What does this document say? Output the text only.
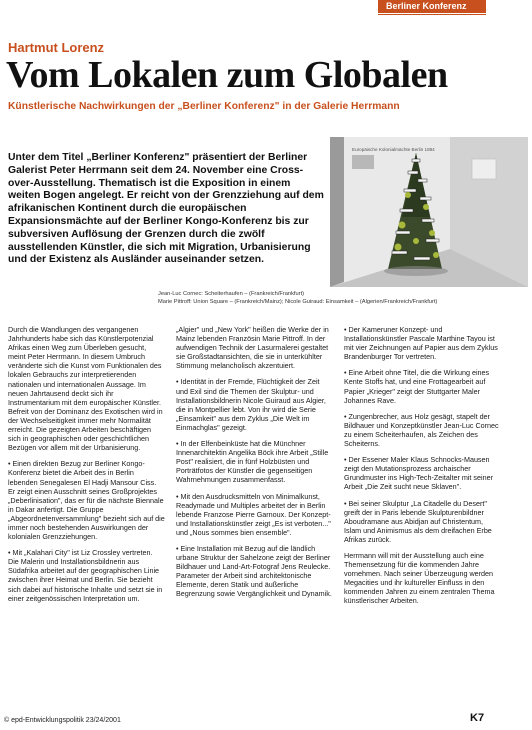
Berliner Konferenz
Hartmut Lorenz
Vom Lokalen zum Globalen
Künstlerische Nachwirkungen der „Berliner Konferenz" in der Galerie Herrmann
Unter dem Titel „Berliner Konferenz" präsentiert der Berliner Galerist Peter Herrmann seit dem 24. November eine Cross-over-Ausstellung. Thematisch ist die Exposition in einem weiten Bogen angelegt. Er reicht von der Grenzziehung auf dem afrikanischen Kontinent durch die europäischen Expansionsmächte auf der Berliner Kongo-Konferenz bis zur subversiven Auflösung der Grenzen durch die zwölf ausstellenden Künstler, die sich mit Migration, Urbanisierung und der Existenz als Ausländer auseinander setzen.
Europäische Kolonialmächte Berlin 1884
Jean-Luc Cornec: Scheiterhaufen – (Frankreich/Frankfurt)
Marie Pittroff: Union Square – (Frankreich/Mainz); Nicole Guiraud: Einsamkeit – (Algerien/Frankreich/Frankfurt)

Durch die Wandlungen des vergangenen Jahrhunderts habe sich das Künstlerpotenzial Afrikas einen Weg zum Überleben gesucht, meint Peter Herrmann. In diesem Umbruch veränderte sich die Kunst vom Funktionalen des lokalen Gebrauchs zur interpretierenden nationalen und internationalen Aussage. Im neuen Jahrtausend deckt sich ihr Instrumentarium mit dem europäischer Künstler. Befreit von der Dominanz des Exotischen wird in der Wechselseitigkeit immer mehr Normalität erreicht. Die gezeigten Arbeiten beschäftigen sich in geographischen oder geschichtlichen Bezügen vor allem mit der Urbanisierung.

• Einen direkten Bezug zur Berliner Kongo-Konferenz bietet die Arbeit des in Berlin lebenden Senegalesen El Hadji Mansour Ciss. Er zeigt einen Ausschnitt seines Großprojektes „Deberlinisation", das er für die nächste Biennale in Dakar anfertigt. Die Gruppe „Abgeordnetenversammlung" bezieht sich auf die immer noch bestehenden Auswirkungen der kolonialen Grenzziehungen.

• Mit „Kalahari City" ist Liz Crossley vertreten. Die Malerin und Installationsbildnerin aus Südafrika arbeitet auf der geographischen Linie zwischen ihrer Heimat und Berlin. Sie bezieht sich dabei auf historische Inhalte und setzt sie in einer zeitgenössischen Interpretation um.

„Algier" und „New York" heißen die Werke der in Mainz lebenden Französin Marie Pittroff. In der aufwendigen Technik der Lasurmalerei gestaltet sie Großstadtansichten, die sie in unterkühlter Stimmung melancholisch akzentuiert.

• Identität in der Fremde, Flüchtigkeit der Zeit und Exil sind die Themen der Skulptur- und Installationsbildnerin Nicole Guiraud aus Algier, die in Montpellier lebt. Von ihr wird die Serie „Einsamkeit" aus dem Zyklus „Die Welt im Einmachglas" gezeigt.

• In der Elfenbeinküste hat die Münchner Innenarchitektin Angelika Böck ihre Arbeit „Stille Post" realisiert, die in fünf Holzbüsten und Porträtfotos der Künstler die gegenseitigen Wahrnehmungen zusammenfasst.

• Mit den Ausdrucksmitteln von Minimalkunst, Readymade und Multiples arbeitet der in Berlin lebende Franzose Pierre Garnoux. Der Konzept- und Installationskünstler zeigt „Es ist verboten..." und „Nous sommes bien ensemble".

• Eine Installation mit Bezug auf die ländlich urbane Struktur der Sahelzone zeigt der Berliner Bildhauer und Land-Art-Fotograf Jens Reulecke. Parameter der Arbeit sind architektonische Elemente, deren Statik und äußerliche Begrenzung sowie Vergänglichkeit und Dynamik.

• Der Kameruner Konzept- und Installationskünstler Pascale Marthine Tayou ist mit vier Zeichnungen auf Papier aus dem Zyklus Brandenburger Tor vertreten.

• Eine Arbeit ohne Titel, die die Wirkung eines Kente Stoffs hat, und eine Frottagearbeit auf Papier „Krieger" zeigt der Stuttgarter Maler Johannes Rave.

• Zungenbrecher, aus Holz gesägt, stapelt der Bildhauer und Konzeptkünstler Jean-Luc Cornec zu einem Scheiterhaufen, als Zeichen des Scheiterns.

• Der Essener Maler Klaus Schnocks-Mausen zeigt den Mutationsprozess archaischer Grundmuster ins High-Tech-Zeitalter mit seiner Arbeit „Die Zeit sucht neue Sklaven".

• Bei seiner Skulptur „La Citadelle du Desert" greift der in Paris lebende Skulpturenbildner Aboudramane aus Abidjan auf Christentum, Islam und Animismus als dem dreifachen Erbe Afrikas zurück.

Herrmann will mit der Ausstellung auch eine Themensetzung für die kommenden Jahre vornehmen. Nach seiner Überzeugung werden Megacities und ihr kultureller Einfluss in den kommenden Jahren zu einem zentralen Thema künstlerischer Arbeiten.

© epd-Entwicklungspolitik 23/24/2001	K7
